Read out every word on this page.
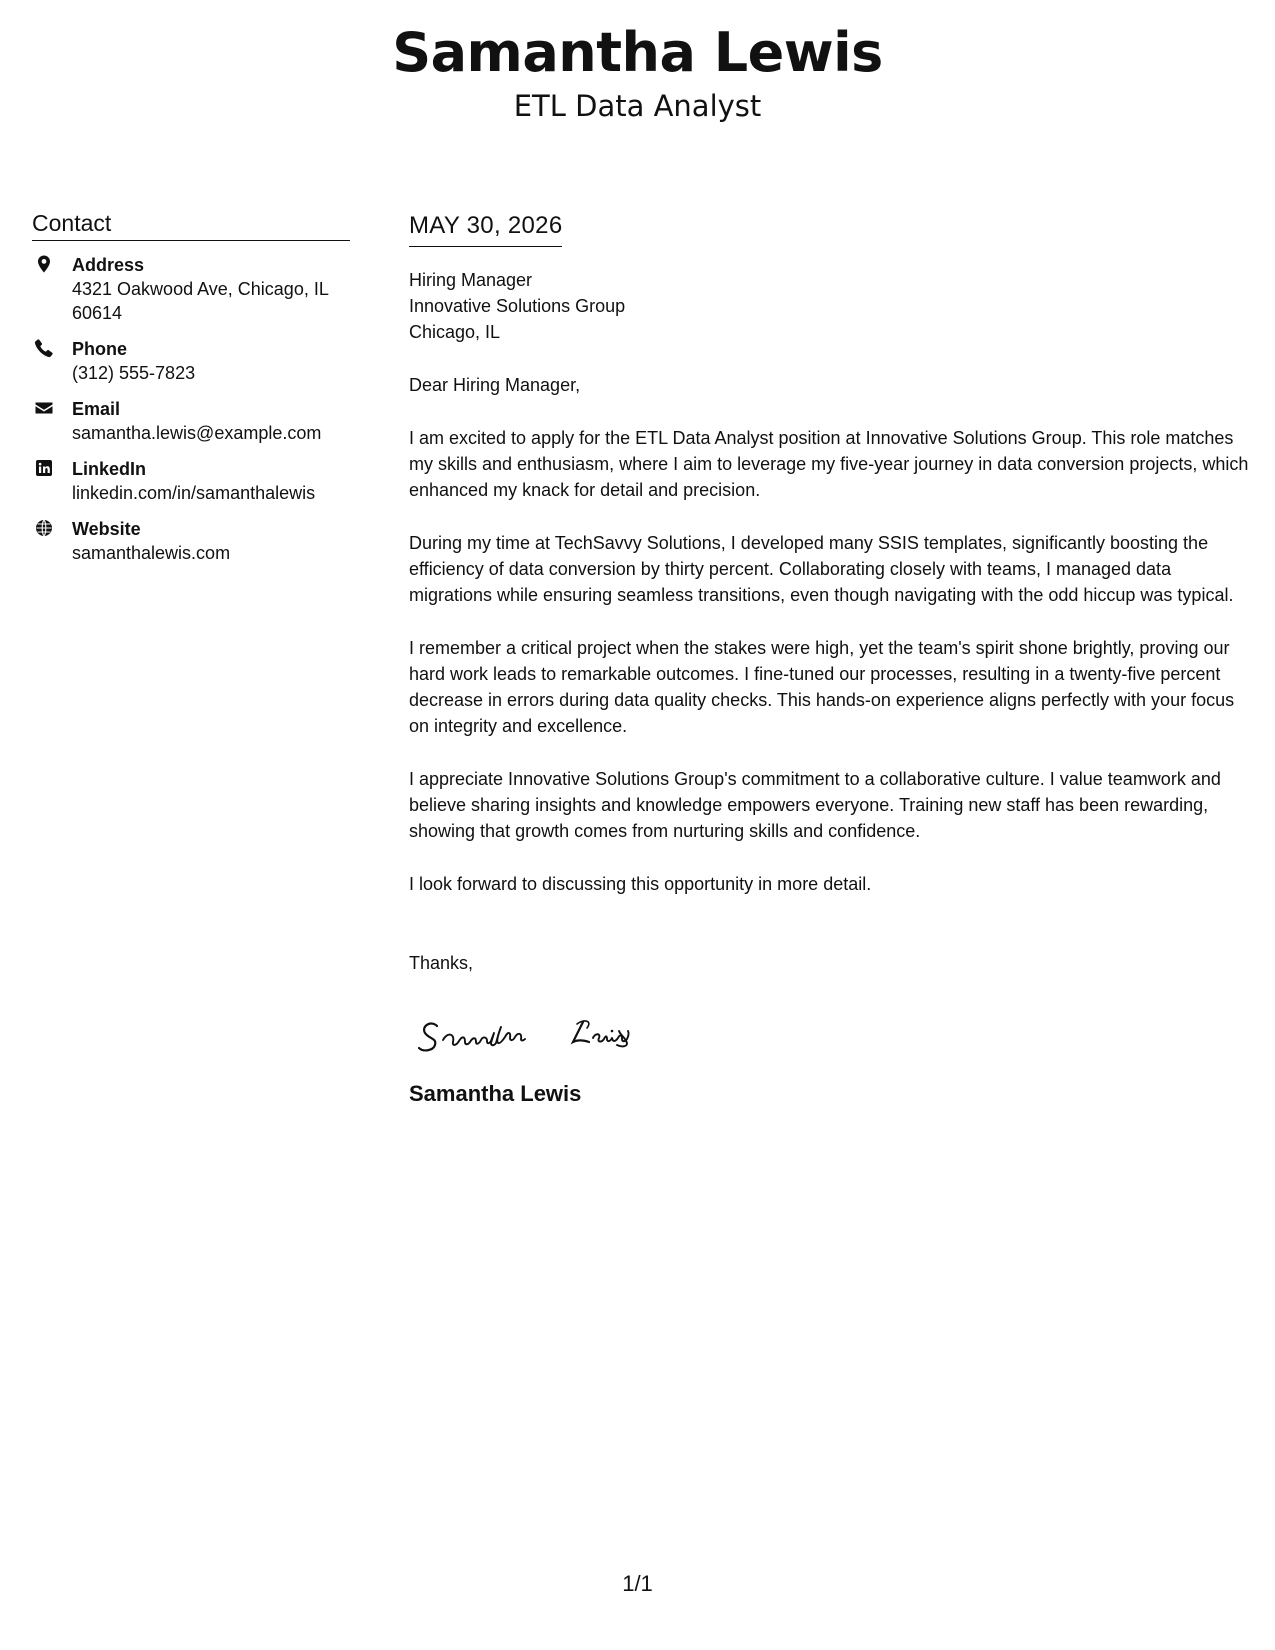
Samantha Lewis
ETL Data Analyst
Contact
Address
4321 Oakwood Ave, Chicago, IL 60614
Phone
(312) 555-7823
Email
samantha.lewis@example.com
LinkedIn
linkedin.com/in/samanthalewis
Website
samanthalewis.com
MAY 30, 2026
Hiring Manager
Innovative Solutions Group
Chicago, IL
Dear Hiring Manager,
I am excited to apply for the ETL Data Analyst position at Innovative Solutions Group. This role matches my skills and enthusiasm, where I aim to leverage my five-year journey in data conversion projects, which enhanced my knack for detail and precision.
During my time at TechSavvy Solutions, I developed many SSIS templates, significantly boosting the efficiency of data conversion by thirty percent. Collaborating closely with teams, I managed data migrations while ensuring seamless transitions, even though navigating with the odd hiccup was typical.
I remember a critical project when the stakes were high, yet the team's spirit shone brightly, proving our hard work leads to remarkable outcomes. I fine-tuned our processes, resulting in a twenty-five percent decrease in errors during data quality checks. This hands-on experience aligns perfectly with your focus on integrity and excellence.
I appreciate Innovative Solutions Group's commitment to a collaborative culture. I value teamwork and believe sharing insights and knowledge empowers everyone. Training new staff has been rewarding, showing that growth comes from nurturing skills and confidence.
I look forward to discussing this opportunity in more detail.
Thanks,
Samantha Lewis
1/1
